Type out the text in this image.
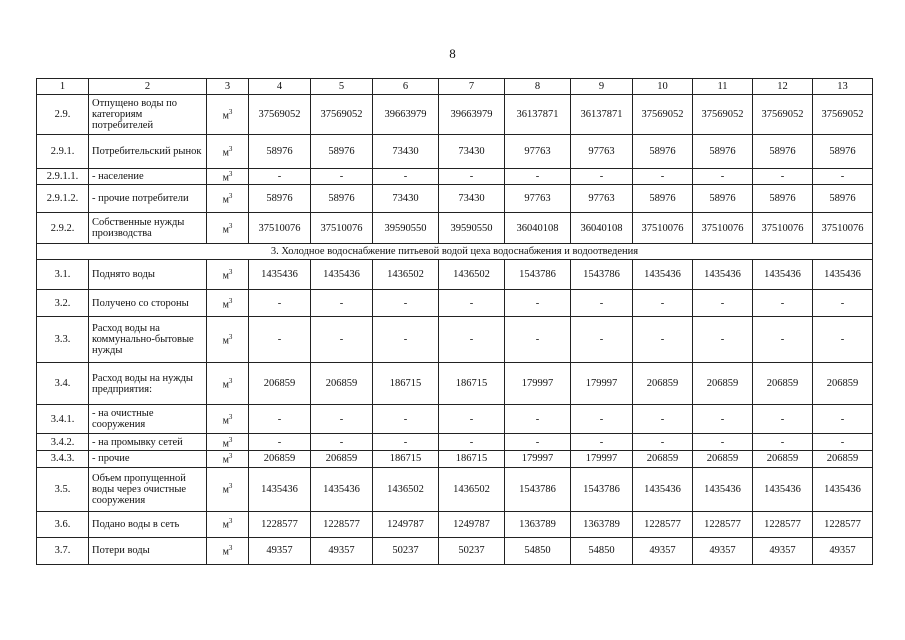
8
1	2	3	4	5	6	7	8	9	10	11	12	13
2.9.	Отпущено воды по категориям потребителей	$м^3$	37569052	37569052	39663979	39663979	36137871	36137871	37569052	37569052	37569052	37569052
2.9.1.	Потребительский рынок	$м^3$	58976	58976	73430	73430	97763	97763	58976	58976	58976	58976
2.9.1.1.	- население	$м^3$	-	-	-	-	-	-	-	-	-	-
2.9.1.2.	- прочие потребители	$м^3$	58976	58976	73430	73430	97763	97763	58976	58976	58976	58976
2.9.2.	Собственные нужды производства	$м^3$	37510076	37510076	39590550	39590550	36040108	36040108	37510076	37510076	37510076	37510076
3. Холодное водоснабжение питьевой водой цеха водоснабжения и водоотведения												
3.1.	Поднято воды	$м^3$	1435436	1435436	1436502	1436502	1543786	1543786	1435436	1435436	1435436	1435436
3.2.	Получено со стороны	$м^3$	-	-	-	-	-	-	-	-	-	-
3.3.	Расход воды на коммунально-бытовые нужды	$м^3$	-	-	-	-	-	-	-	-	-	-
3.4.	Расход воды на нужды предприятия:	$м^3$	206859	206859	186715	186715	179997	179997	206859	206859	206859	206859
3.4.1.	- на очистные сооружения	$м^3$	-	-	-	-	-	-	-	-	-	-
3.4.2.	- на промывку сетей	$м^3$	-	-	-	-	-	-	-	-	-	-
3.4.3.	- прочие	$м^3$	206859	206859	186715	186715	179997	179997	206859	206859	206859	206859
3.5.	Объем пропущенной воды через очистные сооружения	$м^3$	1435436	1435436	1436502	1436502	1543786	1543786	1435436	1435436	1435436	1435436
3.6.	Подано воды в сеть	$м^3$	1228577	1228577	1249787	1249787	1363789	1363789	1228577	1228577	1228577	1228577
3.7.	Потери воды	$м^3$	49357	49357	50237	50237	54850	54850	49357	49357	49357	49357
